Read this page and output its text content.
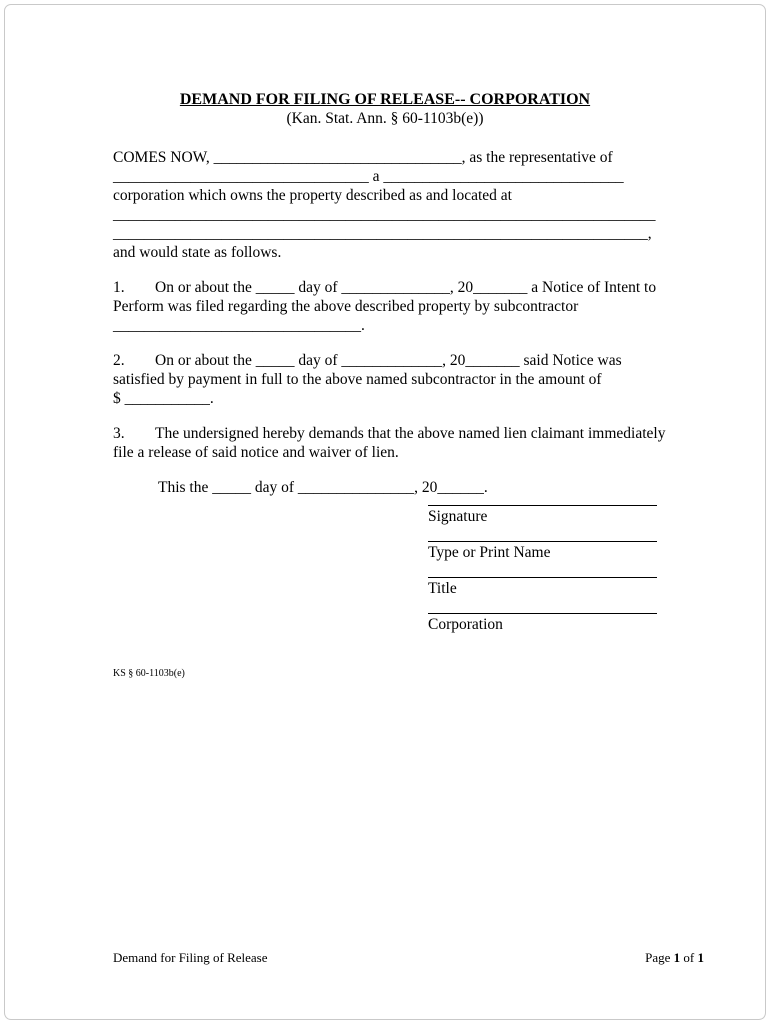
DEMAND FOR FILING OF RELEASE-- CORPORATION
(Kan. Stat. Ann. § 60-1103b(e))
COMES NOW, ________________________________, as the representative of
_________________________________ a _______________________________
corporation which owns the property described as and located at
______________________________________________________________________
_____________________________________________________________________,
and would state as follows.
1. On or about the _____ day of ______________, 20_______ a Notice of Intent to
Perform was filed regarding the above described property by subcontractor
________________________________.
2. On or about the _____ day of _____________, 20_______ said Notice was
satisfied by payment in full to the above named subcontractor in the amount of
$ ___________.
3. The undersigned hereby demands that the above named lien claimant immediately
file a release of said notice and waiver of lien.
This the _____ day of _______________, 20______.
Signature
Type or Print Name
Title
Corporation
KS § 60-1103b(e)
Demand for Filing of Release	Page 1 of 1
